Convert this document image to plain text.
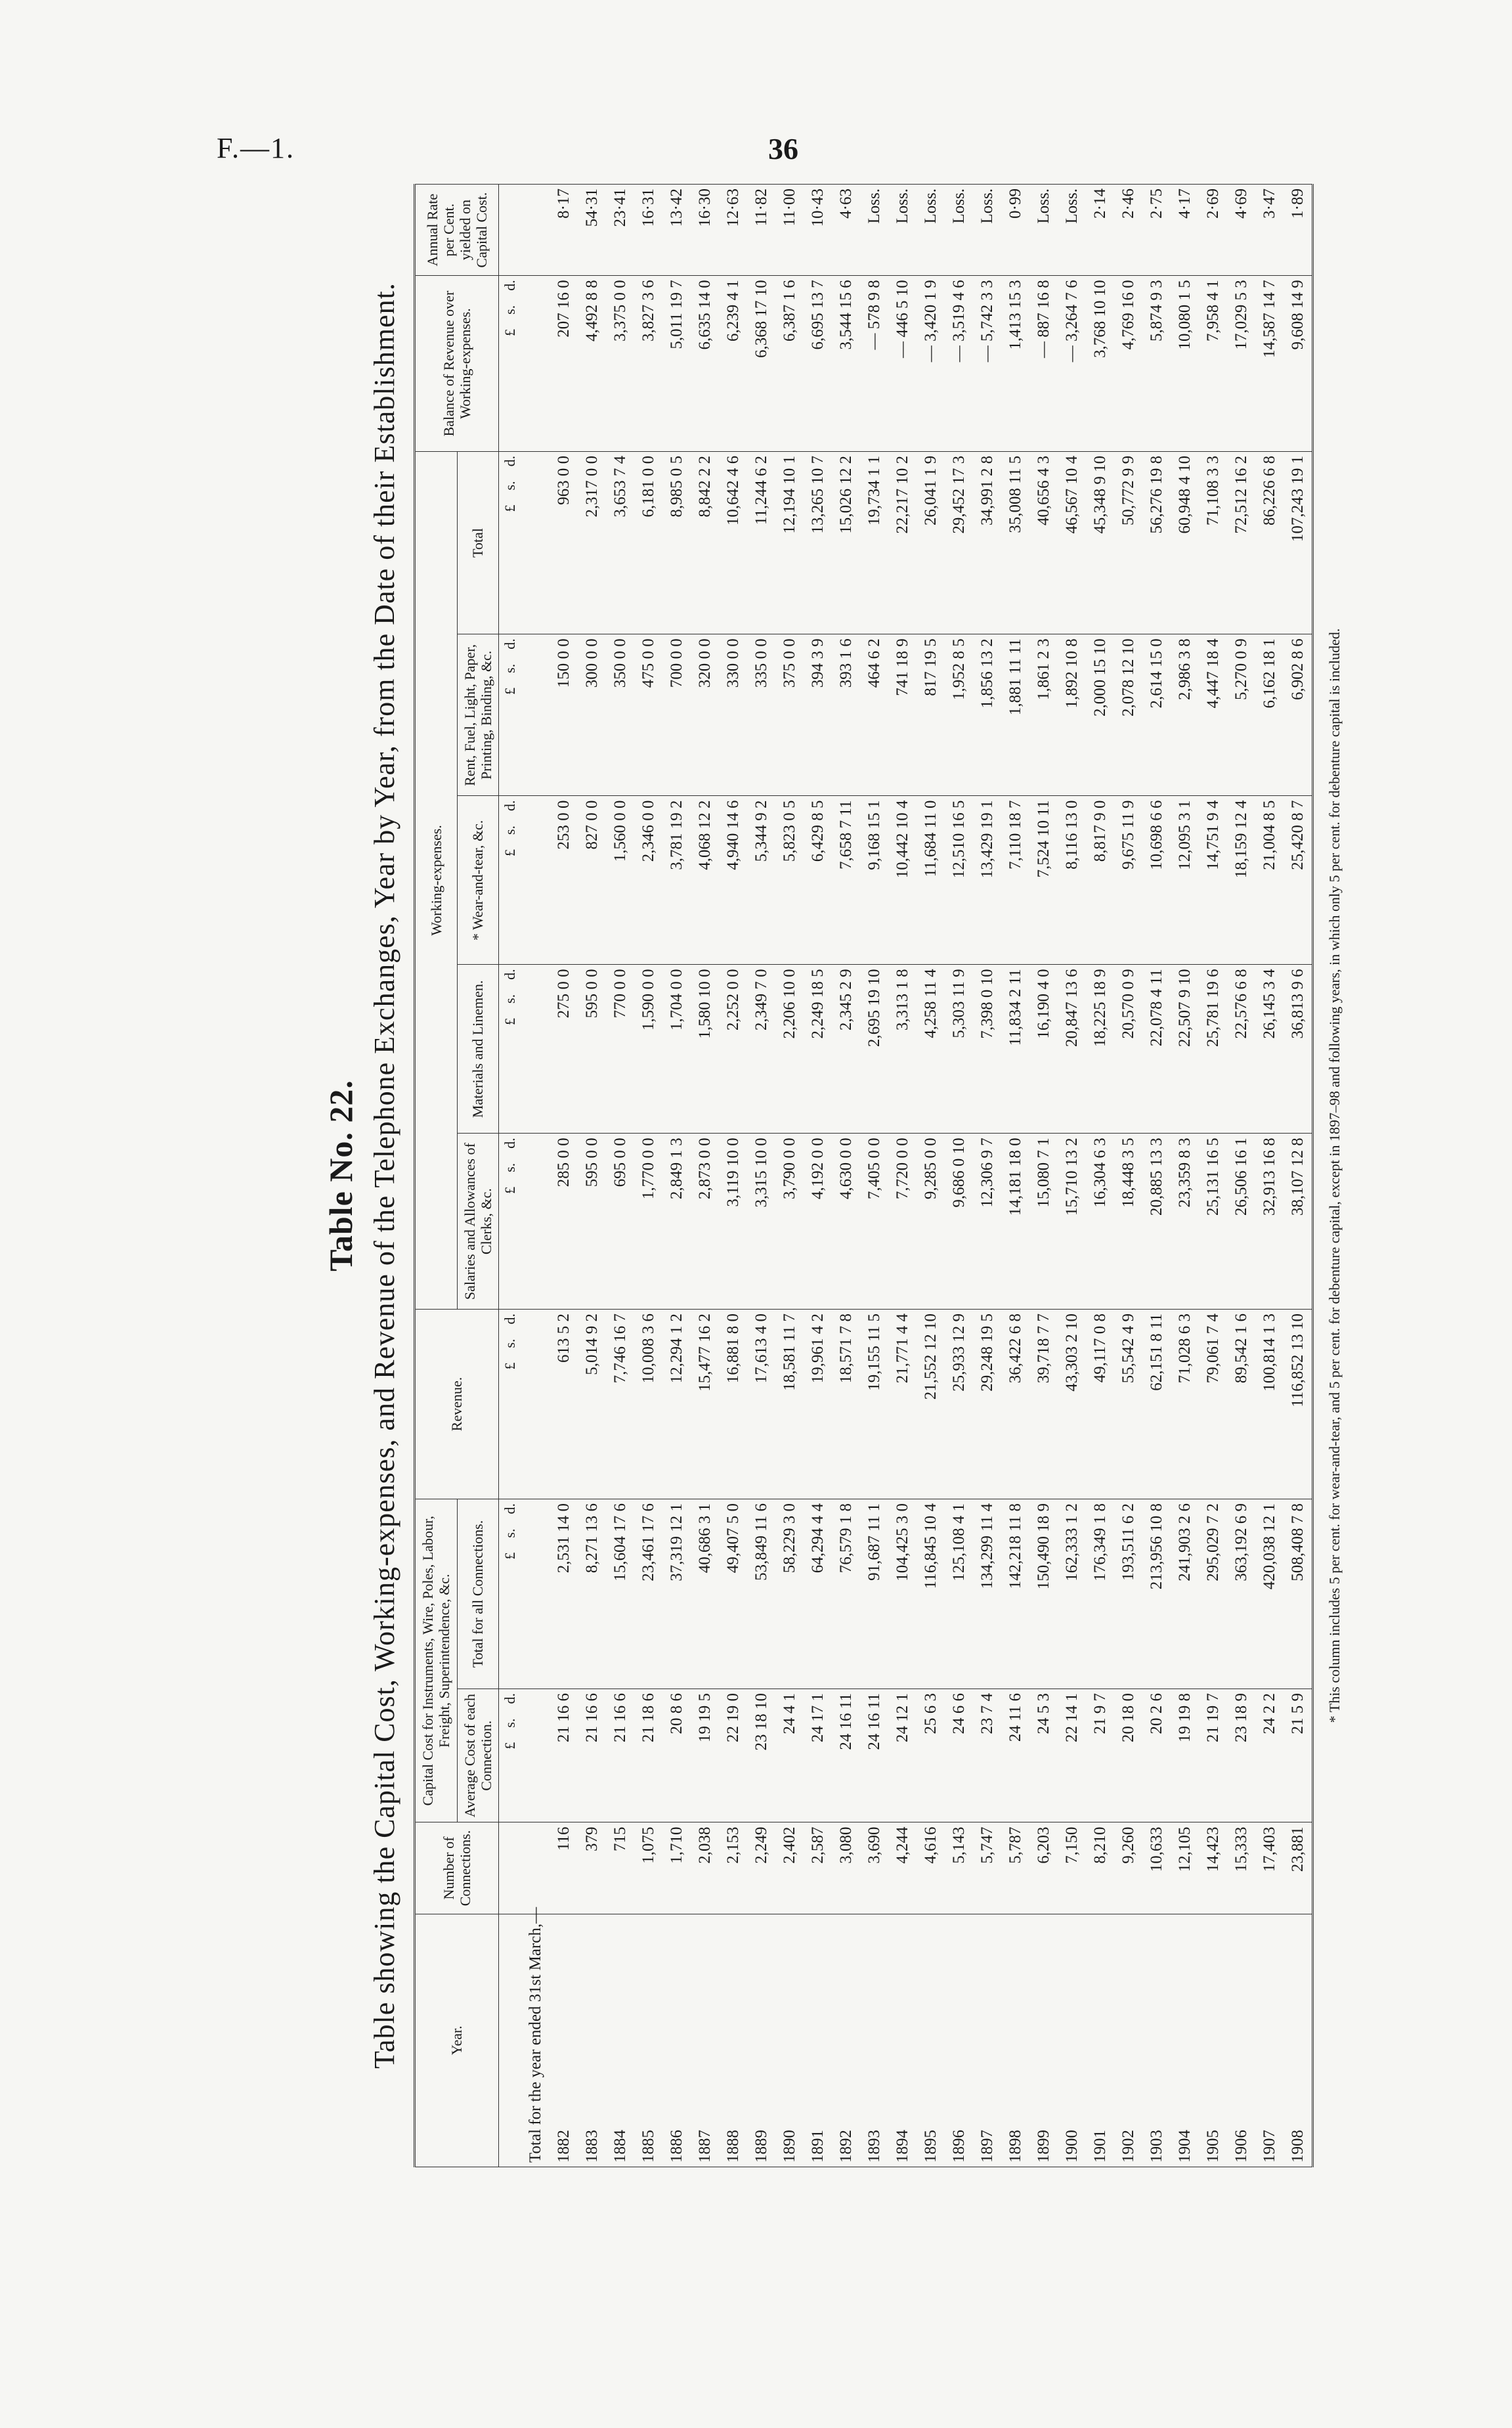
F.—1.	36
Table No. 22. Table showing the Capital Cost, Working-expenses, and Revenue of the Telephone Exchanges, Year by Year, from the Date of their Establishment.	Year.	Number of Connections.	Capital Cost for Instruments, Wire, Poles, Labour, Freight, Superintendence, &c.		Revenue.	Working-expenses.					Balance of Revenue over Working-expenses.	Annual Rate per Cent. yielded on Capital Cost.
		Average Cost of each Connection.	Total for all Connections.		Salaries and Allowances of Clerks, &c.	Materials and Linemen.	* Wear-and-tear, &c.	Rent, Fuel, Light, Paper, Printing, Binding, &c.	Total		
		£ s. d.	£ s. d.	£ s. d.	£ s. d.	£ s. d.	£ s. d.	£ s. d.	£ s. d.	£ s. d.	
Total for the year ended 31st March,—											
1882	116	21 16 6	2,531 14 0	613 5 2	285 0 0	275 0 0	253 0 0	150 0 0	963 0 0	207 16 0	8·17
1883	379	21 16 6	8,271 13 6	5,014 9 2	595 0 0	595 0 0	827 0 0	300 0 0	2,317 0 0	4,492 8 8	54·31
1884	715	21 16 6	15,604 17 6	7,746 16 7	695 0 0	770 0 0	1,560 0 0	350 0 0	3,653 7 4	3,375 0 0	23·41
1885	1,075	21 18 6	23,461 17 6	10,008 3 6	1,770 0 0	1,590 0 0	2,346 0 0	475 0 0	6,181 0 0	3,827 3 6	16·31
1886	1,710	20 8 6	37,319 12 1	12,294 1 2	2,849 1 3	1,704 0 0	3,781 19 2	700 0 0	8,985 0 5	5,011 19 7	13·42
1887	2,038	19 19 5	40,686 3 1	15,477 16 2	2,873 0 0	1,580 10 0	4,068 12 2	320 0 0	8,842 2 2	6,635 14 0	16·30
1888	2,153	22 19 0	49,407 5 0	16,881 8 0	3,119 10 0	2,252 0 0	4,940 14 6	330 0 0	10,642 4 6	6,239 4 1	12·63
1889	2,249	23 18 10	53,849 11 6	17,613 4 0	3,315 10 0	2,349 7 0	5,344 9 2	335 0 0	11,244 6 2	6,368 17 10	11·82
1890	2,402	24 4 1	58,229 3 0	18,581 11 7	3,790 0 0	2,206 10 0	5,823 0 5	375 0 0	12,194 10 1	6,387 1 6	11·00
1891	2,587	24 17 1	64,294 4 4	19,961 4 2	4,192 0 0	2,249 18 5	6,429 8 5	394 3 9	13,265 10 7	6,695 13 7	10·43
1892	3,080	24 16 11	76,579 1 8	18,571 7 8	4,630 0 0	2,345 2 9	7,658 7 11	393 1 6	15,026 12 2	3,544 15 6	4·63
1893	3,690	24 16 11	91,687 11 1	19,155 11 5	7,405 0 0	2,695 19 10	9,168 15 1	464 6 2	19,734 1 1	— 578 9 8	Loss.
1894	4,244	24 12 1	104,425 3 0	21,771 4 4	7,720 0 0	3,313 1 8	10,442 10 4	741 18 9	22,217 10 2	— 446 5 10	Loss.
1895	4,616	25 6 3	116,845 10 4	21,552 12 10	9,285 0 0	4,258 11 4	11,684 11 0	817 19 5	26,041 1 9	— 3,420 1 9	Loss.
1896	5,143	24 6 6	125,108 4 1	25,933 12 9	9,686 0 10	5,303 11 9	12,510 16 5	1,952 8 5	29,452 17 3	— 3,519 4 6	Loss.
1897	5,747	23 7 4	134,299 11 4	29,248 19 5	12,306 9 7	7,398 0 10	13,429 19 1	1,856 13 2	34,991 2 8	— 5,742 3 3	Loss.
1898	5,787	24 11 6	142,218 11 8	36,422 6 8	14,181 18 0	11,834 2 11	7,110 18 7	1,881 11 11	35,008 11 5	1,413 15 3	0·99
1899	6,203	24 5 3	150,490 18 9	39,718 7 7	15,080 7 1	16,190 4 0	7,524 10 11	1,861 2 3	40,656 4 3	— 887 16 8	Loss.
1900	7,150	22 14 1	162,333 1 2	43,303 2 10	15,710 13 2	20,847 13 6	8,116 13 0	1,892 10 8	46,567 10 4	— 3,264 7 6	Loss.
1901	8,210	21 9 7	176,349 1 8	49,117 0 8	16,304 6 3	18,225 18 9	8,817 9 0	2,000 15 10	45,348 9 10	3,768 10 10	2·14
1902	9,260	20 18 0	193,511 6 2	55,542 4 9	18,448 3 5	20,570 0 9	9,675 11 9	2,078 12 10	50,772 9 9	4,769 16 0	2·46
1903	10,633	20 2 6	213,956 10 8	62,151 8 11	20,885 13 3	22,078 4 11	10,698 6 6	2,614 15 0	56,276 19 8	5,874 9 3	2·75
1904	12,105	19 19 8	241,903 2 6	71,028 6 3	23,359 8 3	22,507 9 10	12,095 3 1	2,986 3 8	60,948 4 10	10,080 1 5	4·17
1905	14,423	21 19 7	295,029 7 2	79,061 7 4	25,131 16 5	25,781 19 6	14,751 9 4	4,447 18 4	71,108 3 3	7,958 4 1	2·69
1906	15,333	23 18 9	363,192 6 9	89,542 1 6	26,506 16 1	22,576 6 8	18,159 12 4	5,270 0 9	72,512 16 2	17,029 5 3	4·69
1907	17,403	24 2 2	420,038 12 1	100,814 1 3	32,913 16 8	26,145 3 4	21,004 8 5	6,162 18 1	86,226 6 8	14,587 14 7	3·47
1908	23,881	21 5 9	508,408 7 8	116,852 13 10	38,107 12 8	36,813 9 6	25,420 8 7	6,902 8 6	107,243 19 1	9,608 14 9	1·89
* This column includes 5 per cent. for wear-and-tear, and 5 per cent. for debenture capital, except in 1897–98 and following years, in which only 5 per cent. for debenture capital is included.
